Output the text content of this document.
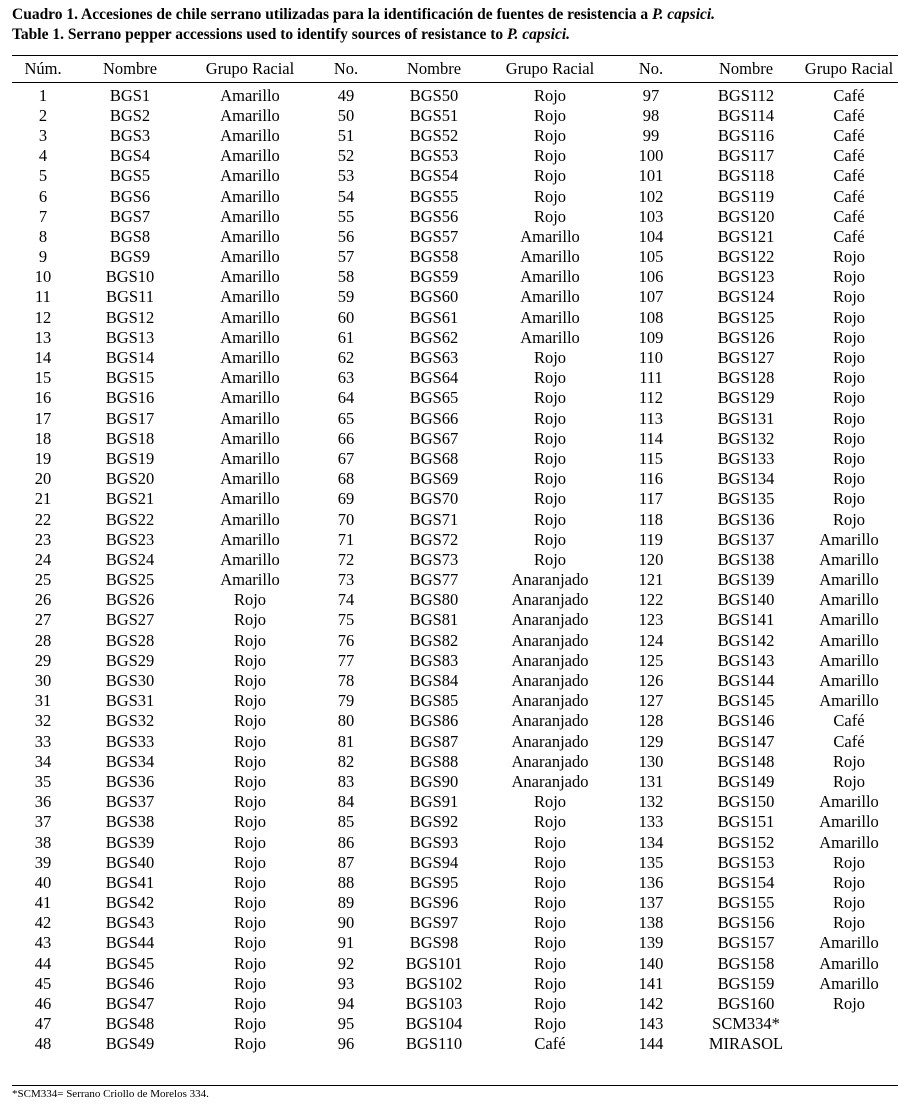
Cuadro 1. Accesiones de chile serrano utilizadas para la identificación de fuentes de resistencia a P. capsici.
Table 1. Serrano pepper accessions used to identify sources of resistance to P. capsici.
Núm.	Nombre	Grupo Racial	No.	Nombre	Grupo Racial	No.	Nombre	Grupo Racial
1	BGS1	Amarillo	49	BGS50	Rojo	97	BGS112	Café
2	BGS2	Amarillo	50	BGS51	Rojo	98	BGS114	Café
3	BGS3	Amarillo	51	BGS52	Rojo	99	BGS116	Café
4	BGS4	Amarillo	52	BGS53	Rojo	100	BGS117	Café
5	BGS5	Amarillo	53	BGS54	Rojo	101	BGS118	Café
6	BGS6	Amarillo	54	BGS55	Rojo	102	BGS119	Café
7	BGS7	Amarillo	55	BGS56	Rojo	103	BGS120	Café
8	BGS8	Amarillo	56	BGS57	Amarillo	104	BGS121	Café
9	BGS9	Amarillo	57	BGS58	Amarillo	105	BGS122	Rojo
10	BGS10	Amarillo	58	BGS59	Amarillo	106	BGS123	Rojo
11	BGS11	Amarillo	59	BGS60	Amarillo	107	BGS124	Rojo
12	BGS12	Amarillo	60	BGS61	Amarillo	108	BGS125	Rojo
13	BGS13	Amarillo	61	BGS62	Amarillo	109	BGS126	Rojo
14	BGS14	Amarillo	62	BGS63	Rojo	110	BGS127	Rojo
15	BGS15	Amarillo	63	BGS64	Rojo	111	BGS128	Rojo
16	BGS16	Amarillo	64	BGS65	Rojo	112	BGS129	Rojo
17	BGS17	Amarillo	65	BGS66	Rojo	113	BGS131	Rojo
18	BGS18	Amarillo	66	BGS67	Rojo	114	BGS132	Rojo
19	BGS19	Amarillo	67	BGS68	Rojo	115	BGS133	Rojo
20	BGS20	Amarillo	68	BGS69	Rojo	116	BGS134	Rojo
21	BGS21	Amarillo	69	BGS70	Rojo	117	BGS135	Rojo
22	BGS22	Amarillo	70	BGS71	Rojo	118	BGS136	Rojo
23	BGS23	Amarillo	71	BGS72	Rojo	119	BGS137	Amarillo
24	BGS24	Amarillo	72	BGS73	Rojo	120	BGS138	Amarillo
25	BGS25	Amarillo	73	BGS77	Anaranjado	121	BGS139	Amarillo
26	BGS26	Rojo	74	BGS80	Anaranjado	122	BGS140	Amarillo
27	BGS27	Rojo	75	BGS81	Anaranjado	123	BGS141	Amarillo
28	BGS28	Rojo	76	BGS82	Anaranjado	124	BGS142	Amarillo
29	BGS29	Rojo	77	BGS83	Anaranjado	125	BGS143	Amarillo
30	BGS30	Rojo	78	BGS84	Anaranjado	126	BGS144	Amarillo
31	BGS31	Rojo	79	BGS85	Anaranjado	127	BGS145	Amarillo
32	BGS32	Rojo	80	BGS86	Anaranjado	128	BGS146	Café
33	BGS33	Rojo	81	BGS87	Anaranjado	129	BGS147	Café
34	BGS34	Rojo	82	BGS88	Anaranjado	130	BGS148	Rojo
35	BGS36	Rojo	83	BGS90	Anaranjado	131	BGS149	Rojo
36	BGS37	Rojo	84	BGS91	Rojo	132	BGS150	Amarillo
37	BGS38	Rojo	85	BGS92	Rojo	133	BGS151	Amarillo
38	BGS39	Rojo	86	BGS93	Rojo	134	BGS152	Amarillo
39	BGS40	Rojo	87	BGS94	Rojo	135	BGS153	Rojo
40	BGS41	Rojo	88	BGS95	Rojo	136	BGS154	Rojo
41	BGS42	Rojo	89	BGS96	Rojo	137	BGS155	Rojo
42	BGS43	Rojo	90	BGS97	Rojo	138	BGS156	Rojo
43	BGS44	Rojo	91	BGS98	Rojo	139	BGS157	Amarillo
44	BGS45	Rojo	92	BGS101	Rojo	140	BGS158	Amarillo
45	BGS46	Rojo	93	BGS102	Rojo	141	BGS159	Amarillo
46	BGS47	Rojo	94	BGS103	Rojo	142	BGS160	Rojo
47	BGS48	Rojo	95	BGS104	Rojo	143	SCM334*	
48	BGS49	Rojo	96	BGS110	Café	144	MIRASOL	
*SCM334= Serrano Criollo de Morelos 334.
